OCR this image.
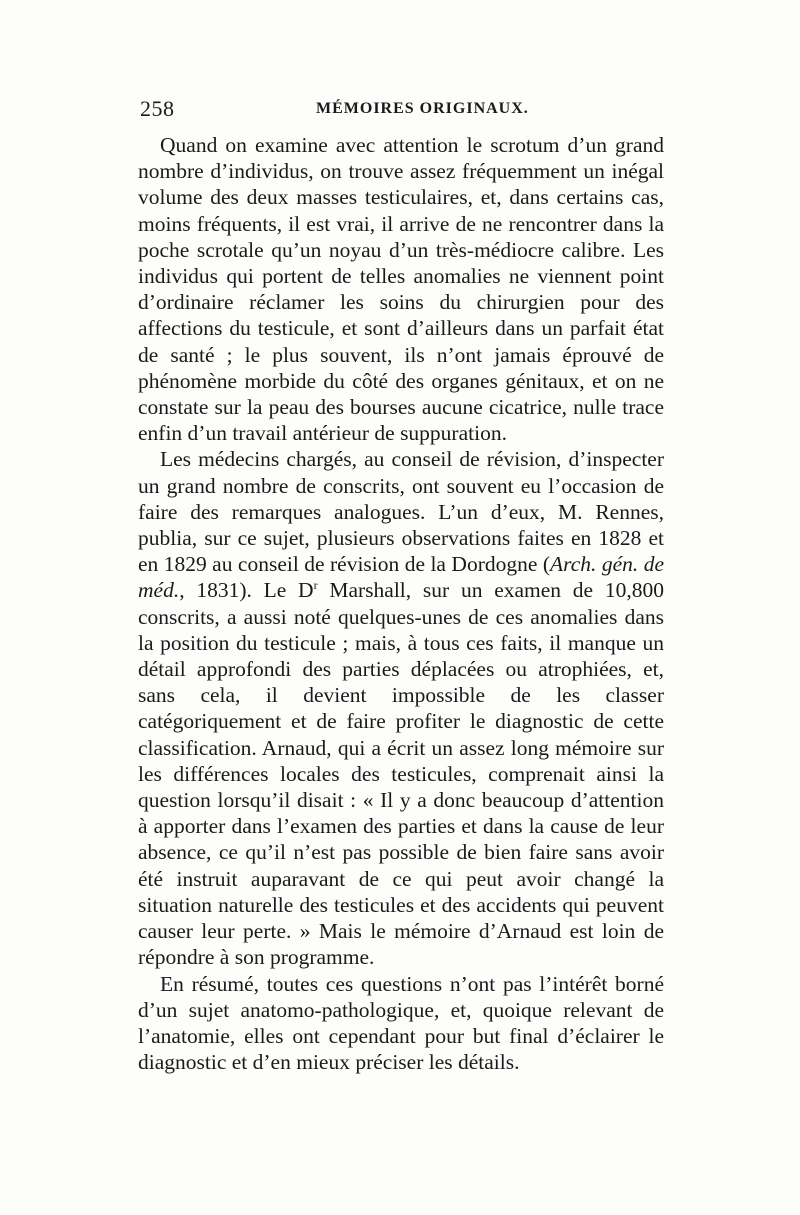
258	MÉMOIRES ORIGINAUX.

Quand on examine avec attention le scrotum d’un grand nombre d’individus, on trouve assez fréquemment un inégal volume des deux masses testiculaires, et, dans certains cas, moins fréquents, il est vrai, il arrive de ne rencontrer dans la poche scrotale qu’un noyau d’un très-médiocre calibre. Les individus qui portent de telles anomalies ne viennent point d’ordinaire réclamer les soins du chirurgien pour des affections du testicule, et sont d’ailleurs dans un parfait état de santé ; le plus souvent, ils n’ont jamais éprouvé de phénomène morbide du côté des organes génitaux, et on ne constate sur la peau des bourses aucune cicatrice, nulle trace enfin d’un travail antérieur de suppuration.

Les médecins chargés, au conseil de révision, d’inspecter un grand nombre de conscrits, ont souvent eu l’occasion de faire des remarques analogues. L’un d’eux, M. Rennes, publia, sur ce sujet, plusieurs observations faites en 1828 et en 1829 au conseil de révision de la Dordogne (Arch. gén. de méd., 1831). Le $D^r$ Marshall, sur un examen de 10,800 conscrits, a aussi noté quelques-unes de ces anomalies dans la position du testicule ; mais, à tous ces faits, il manque un détail approfondi des parties déplacées ou atrophiées, et, sans cela, il devient impossible de les classer catégoriquement et de faire profiter le diagnostic de cette classification. Arnaud, qui a écrit un assez long mémoire sur les différences locales des testicules, comprenait ainsi la question lorsqu’il disait : « Il y a donc beaucoup d’attention à apporter dans l’examen des parties et dans la cause de leur absence, ce qu’il n’est pas possible de bien faire sans avoir été instruit auparavant de ce qui peut avoir changé la situation naturelle des testicules et des accidents qui peuvent causer leur perte. » Mais le mémoire d’Arnaud est loin de répondre à son programme.

En résumé, toutes ces questions n’ont pas l’intérêt borné d’un sujet anatomo-pathologique, et, quoique relevant de l’anatomie, elles ont cependant pour but final d’éclairer le diagnostic et d’en mieux préciser les détails.
